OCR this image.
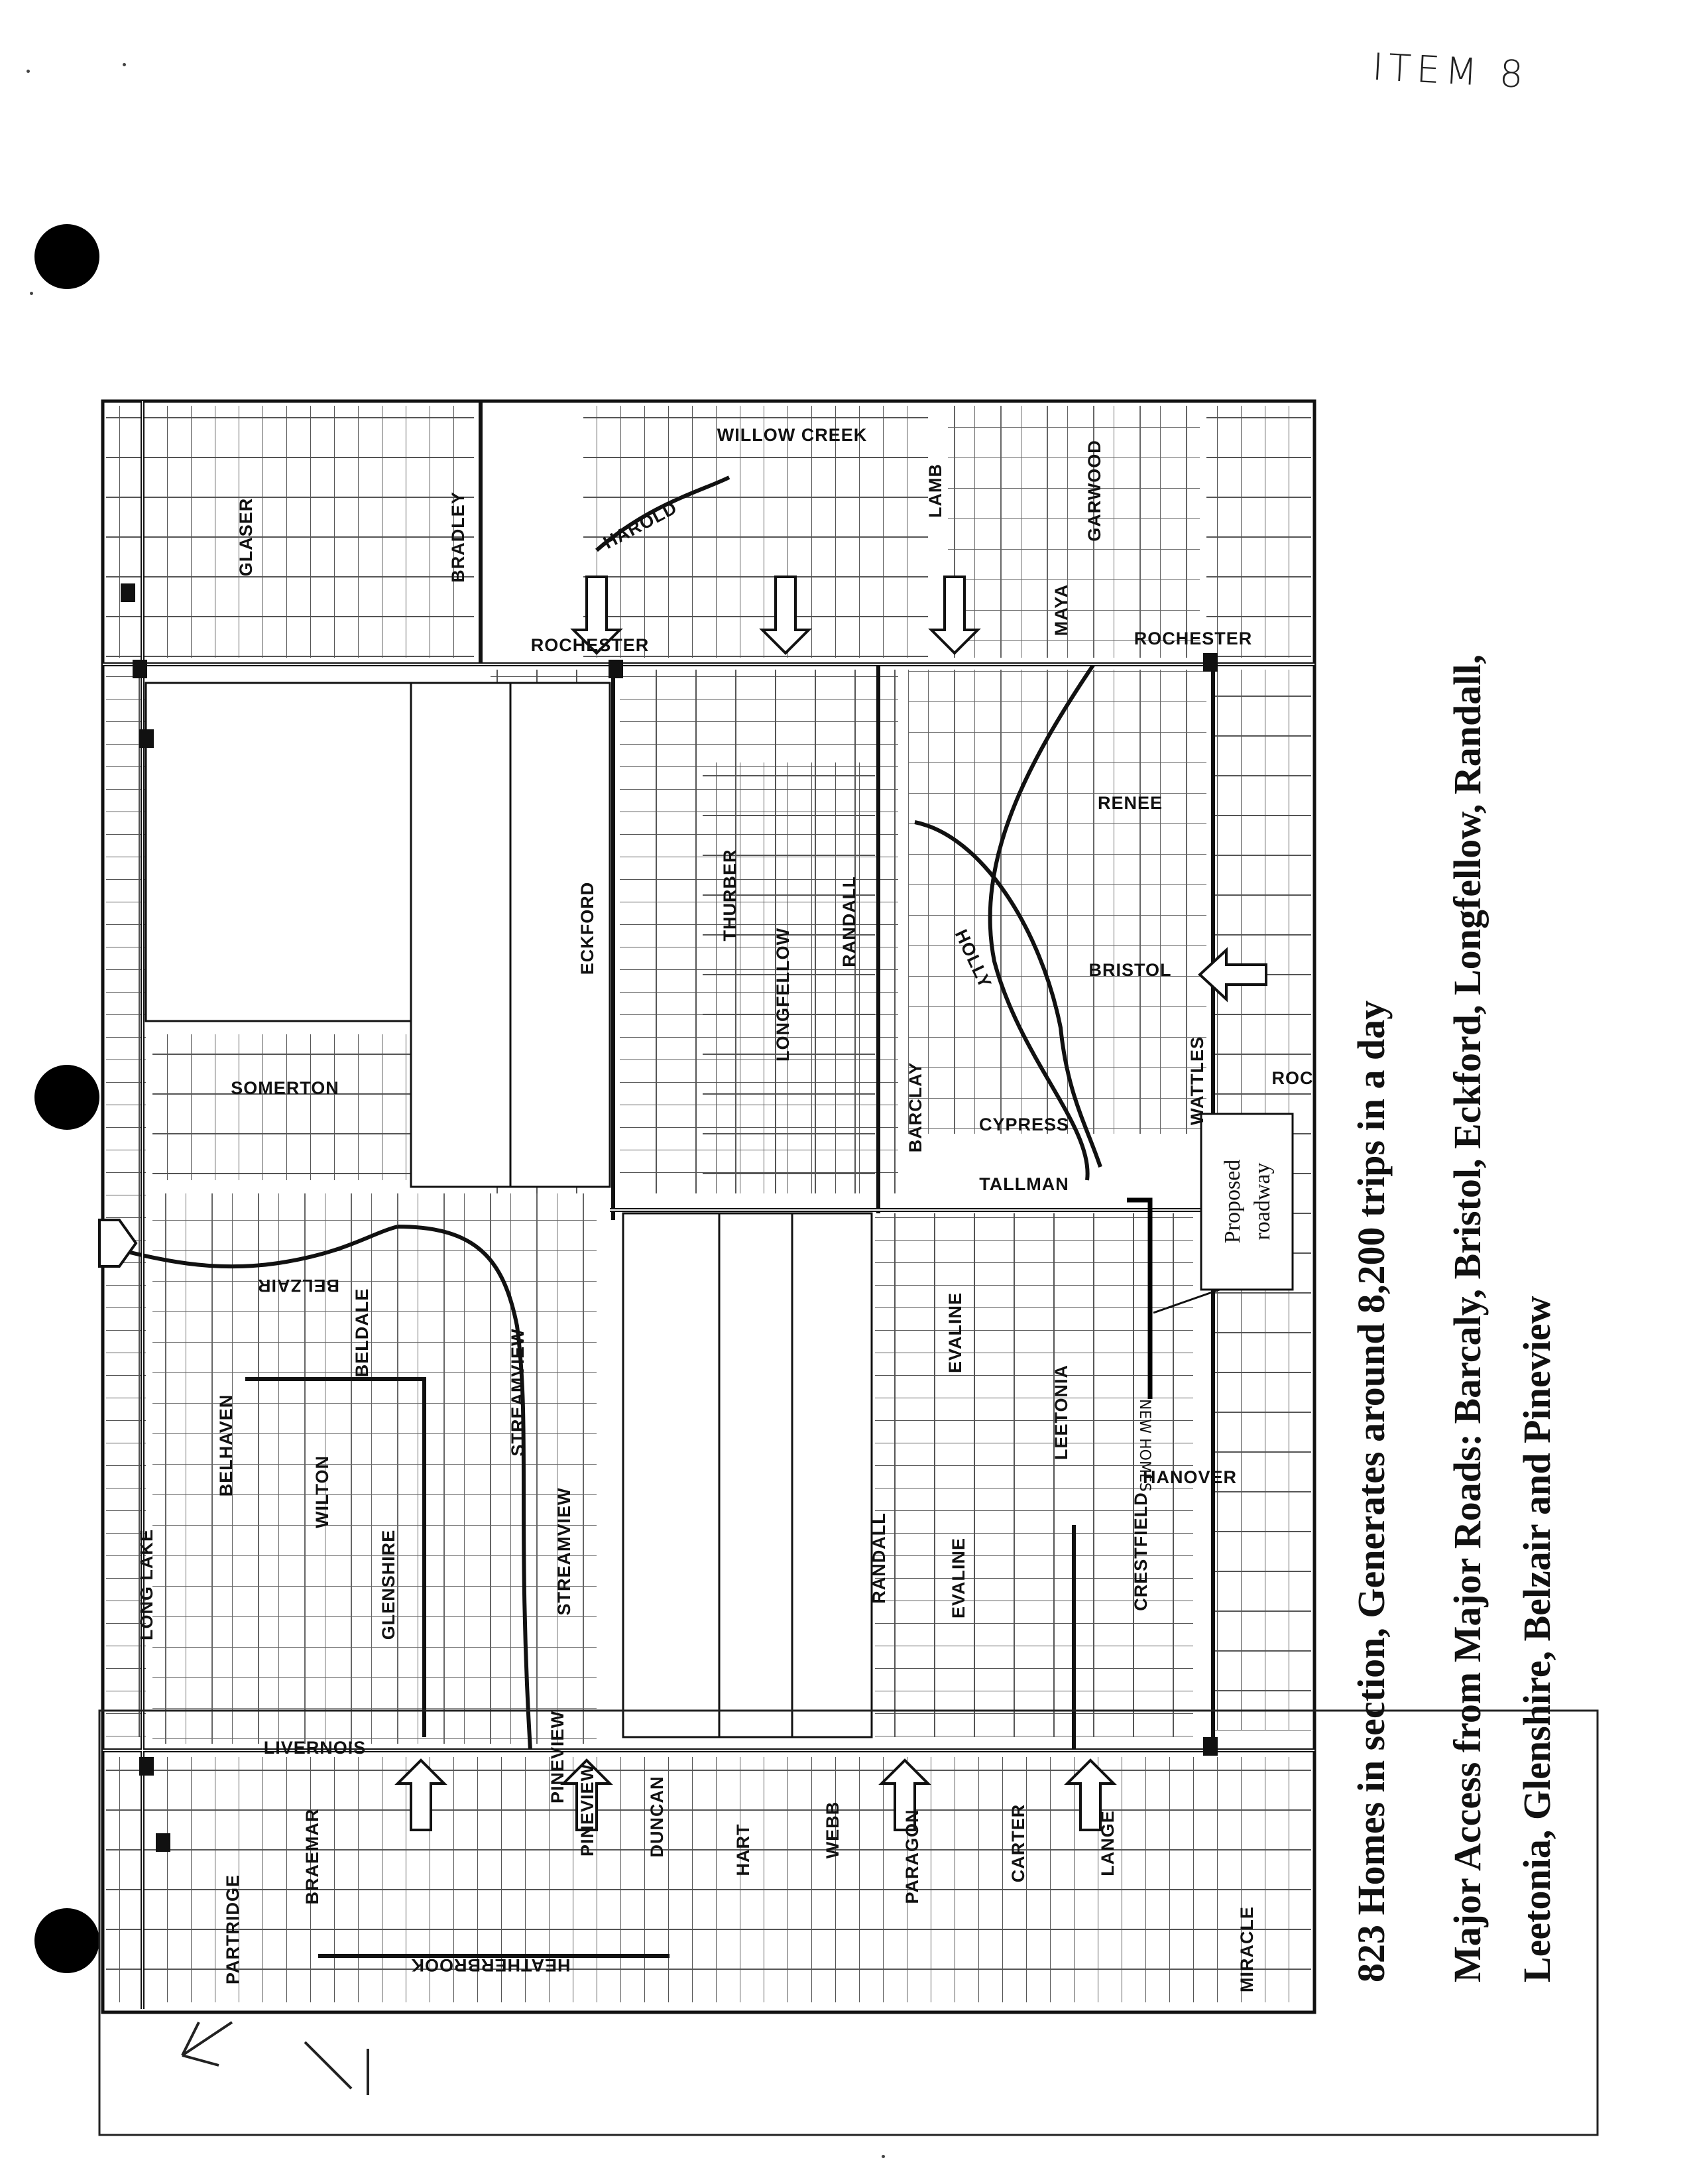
ITEM 8
GLASER	BRADLEY
ECKFORD	THURBER
LONGFELLOW
RANDALL
RANDALL
EVALINE
EVALINE
LEETONIA
CRESTFIELD
LONG LAKE
BELHAVEN	WILTON
GLENSHIRE
BELDALE	STREAMVIEW
STREAMVIEW
PINEVIEW
PINEVIEW	DUNCAN	HART	WEBB	PARAGON	CARTER	LANGE
MIRACLE
PARTRIDGE
BRAEMAR
BARCLAY	WATTLES
LAMB	GARWOOD
MAYA
WILLOW CREEK
HAROLD
ROCHESTER	ROCHESTER
RENEE
HOLLY	BRISTOL
CYPRESS
SOMERTON
BELZAIR
TALLMAN
HANOVER
LIVERNOIS
HEATHERBROOK
ROC
NEW HOMES
Proposed roadway 823 Homes in section, Generates around 8,200 trips in a day Major Access from Major Roads: Barcaly, Bristol, Eckford, Longfellow, Randall, Leetonia, Glenshire, Belzair and Pineview
